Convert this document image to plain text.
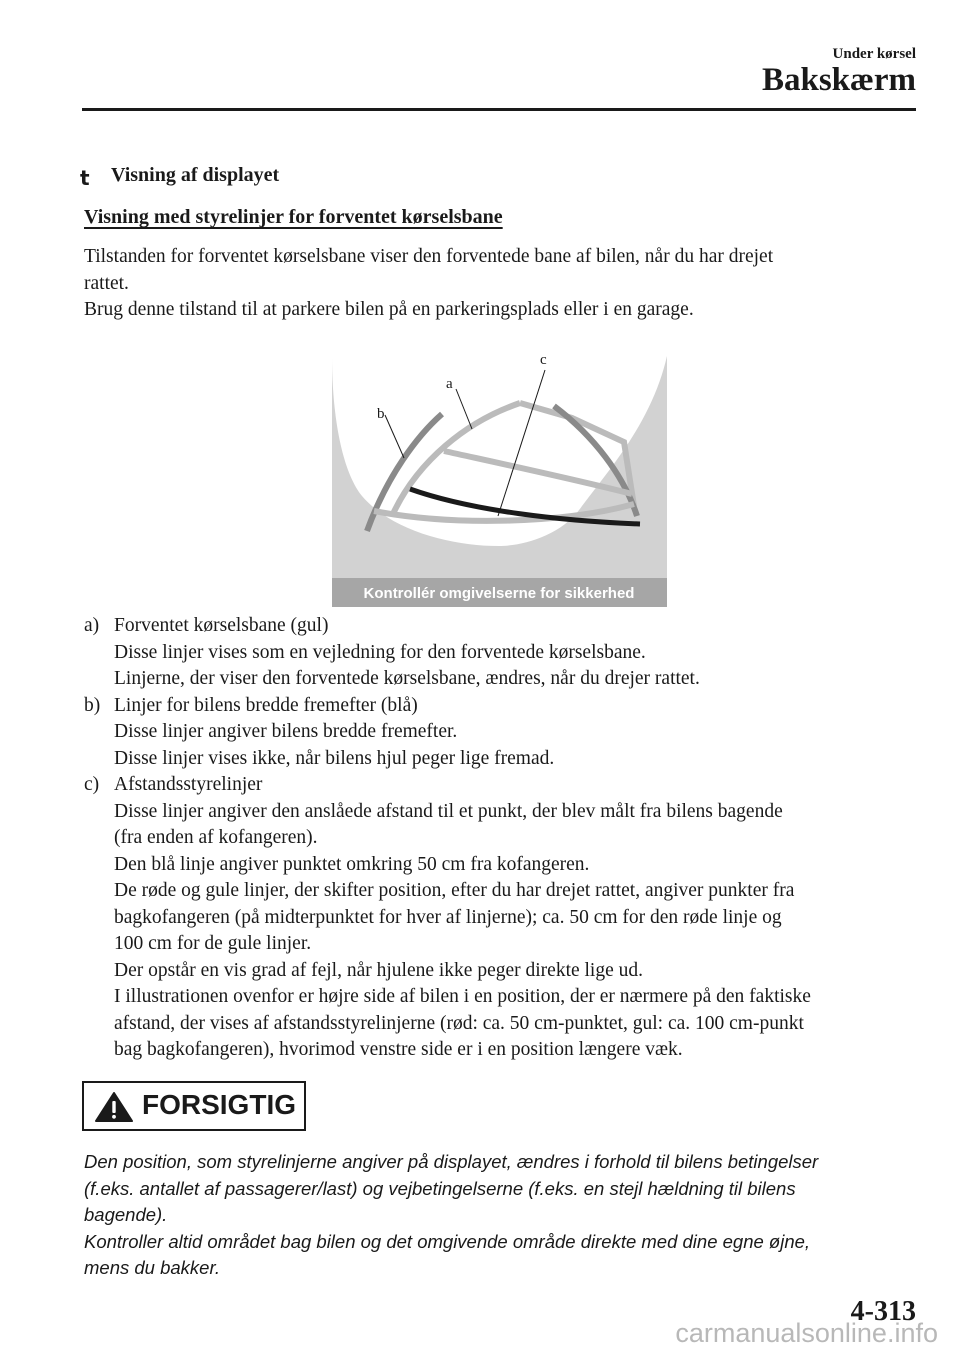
Under kørsel
Bakskærm
t Visning af displayet
Visning med styrelinjer for forventet kørselsbane
Tilstanden for forventet kørselsbane viser den forventede bane af bilen, når du har drejet
rattet.
Brug denne tilstand til at parkere bilen på en parkeringsplads eller i en garage.
b
a
c
Kontrollér omgivelserne for sikkerhed
a) Forventet kørselsbane (gul)
Disse linjer vises som en vejledning for den forventede kørselsbane.
Linjerne, der viser den forventede kørselsbane, ændres, når du drejer rattet.
b) Linjer for bilens bredde fremefter (blå)
Disse linjer angiver bilens bredde fremefter.
Disse linjer vises ikke, når bilens hjul peger lige fremad.
c) Afstandsstyrelinjer
Disse linjer angiver den anslåede afstand til et punkt, der blev målt fra bilens bagende
(fra enden af kofangeren).
Den blå linje angiver punktet omkring 50 cm fra kofangeren.
De røde og gule linjer, der skifter position, efter du har drejet rattet, angiver punkter fra
bagkofangeren (på midterpunktet for hver af linjerne); ca. 50 cm for den røde linje og
100 cm for de gule linjer.
Der opstår en vis grad af fejl, når hjulene ikke peger direkte lige ud.
I illustrationen ovenfor er højre side af bilen i en position, der er nærmere på den faktiske
afstand, der vises af afstandsstyrelinjerne (rød: ca. 50 cm-punktet, gul: ca. 100 cm-punkt
bag bagkofangeren), hvorimod venstre side er i en position længere væk.
FORSIGTIG
Den position, som styrelinjerne angiver på displayet, ændres i forhold til bilens betingelser
(f.eks. antallet af passagerer/last) og vejbetingelserne (f.eks. en stejl hældning til bilens
bagende).
Kontroller altid området bag bilen og det omgivende område direkte med dine egne øjne,
mens du bakker.
4-313
carmanualsonline.info
